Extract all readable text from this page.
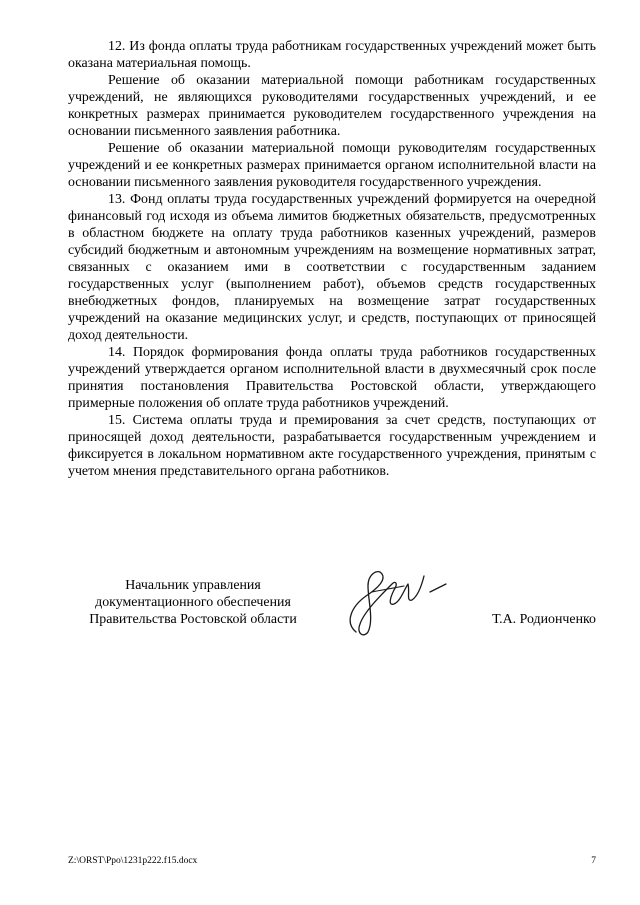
12. Из фонда оплаты труда работникам государственных учреждений может быть оказана материальная помощь.

Решение об оказании материальной помощи работникам государственных учреждений, не являющихся руководителями государственных учреждений, и ее конкретных размерах принимается руководителем государственного учреждения на основании письменного заявления работника.

Решение об оказании материальной помощи руководителям государственных учреждений и ее конкретных размерах принимается органом исполнительной власти на основании письменного заявления руководителя государственного учреждения.

13. Фонд оплаты труда государственных учреждений формируется на очередной финансовый год исходя из объема лимитов бюджетных обязательств, предусмотренных в областном бюджете на оплату труда работников казенных учреждений, размеров субсидий бюджетным и автономным учреждениям на возмещение нормативных затрат, связанных с оказанием ими в соответствии с государственным заданием государственных услуг (выполнением работ), объемов средств государственных внебюджетных фондов, планируемых на возмещение затрат государственных учреждений на оказание медицинских услуг, и средств, поступающих от приносящей доход деятельности.

14. Порядок формирования фонда оплаты труда работников государственных учреждений утверждается органом исполнительной власти в двухмесячный срок после принятия постановления Правительства Ростовской области, утверждающего примерные положения об оплате труда работников учреждений.

15. Система оплаты труда и премирования за счет средств, поступающих от приносящей доход деятельности, разрабатывается государственным учреждением и фиксируется в локальном нормативном акте государственного учреждения, принятым с учетом мнения представительного органа работников.

Начальник управления
документационного обеспечения
Правительства Ростовской области	Т.А. Родионченко
Z:\ORST\Ppo\1231p222.f15.docx	7
